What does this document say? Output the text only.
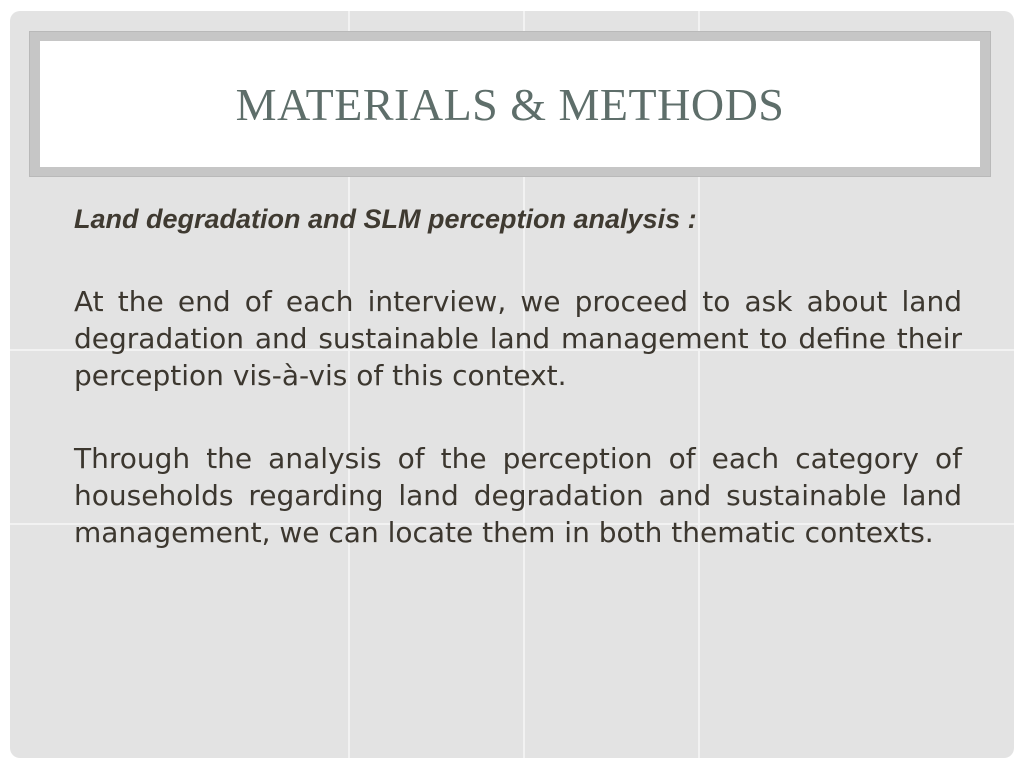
MATERIALS & METHODS

Land degradation and SLM perception analysis :

At the end of each interview, we proceed to ask about land degradation and sustainable land management to define their perception vis-à-vis of this context.

Through the analysis of the perception of each category of households regarding land degradation and sustainable land management, we can locate them in both thematic contexts.
